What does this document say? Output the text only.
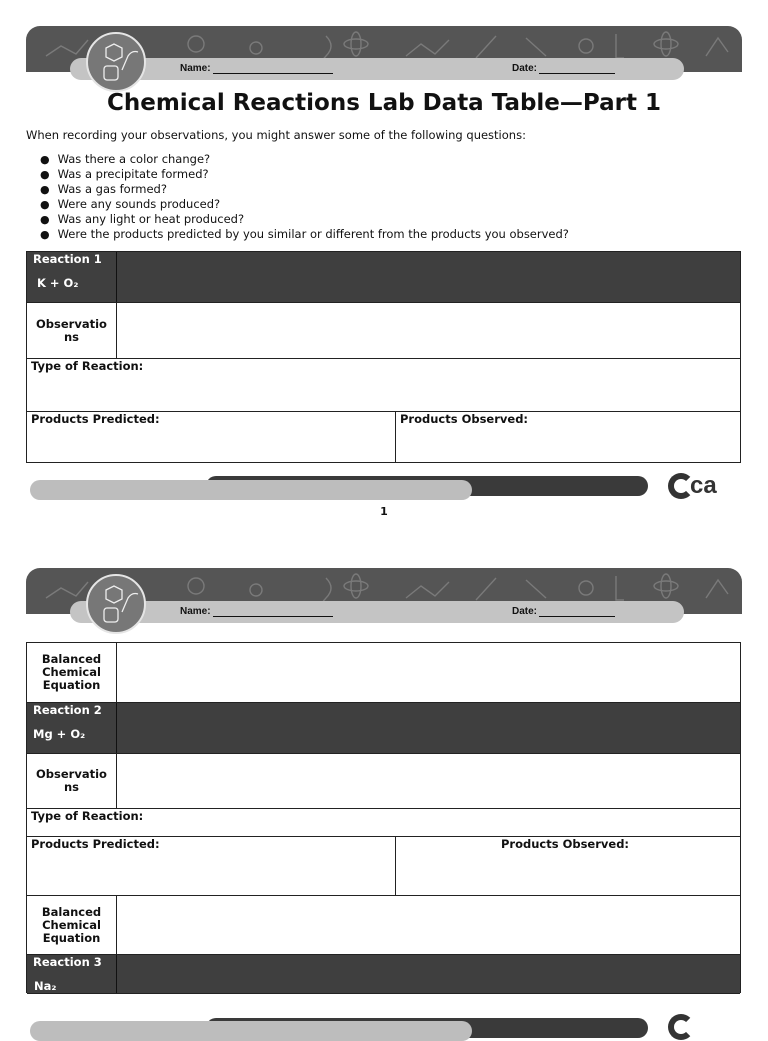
Name:	Date:
Chemical Reactions Lab Data Table—Part 1
When recording your observations, you might answer some of the following questions:
● Was there a color change?
● Was a precipitate formed?
● Was a gas formed?
● Were any sounds produced?
● Was any light or heat produced?
● Were the products predicted by you similar or different from the products you observed?
Reaction 1
K + O₂
Observatio ns
Type of Reaction:
Products Predicted:	Products Observed:
ca
1
Name:	Date:
Balanced Chemical Equation
Reaction 2
Mg + O₂
Observatio ns
Type of Reaction:
Products Predicted:	Products Observed:
Balanced Chemical Equation
Reaction 3
Na₂
